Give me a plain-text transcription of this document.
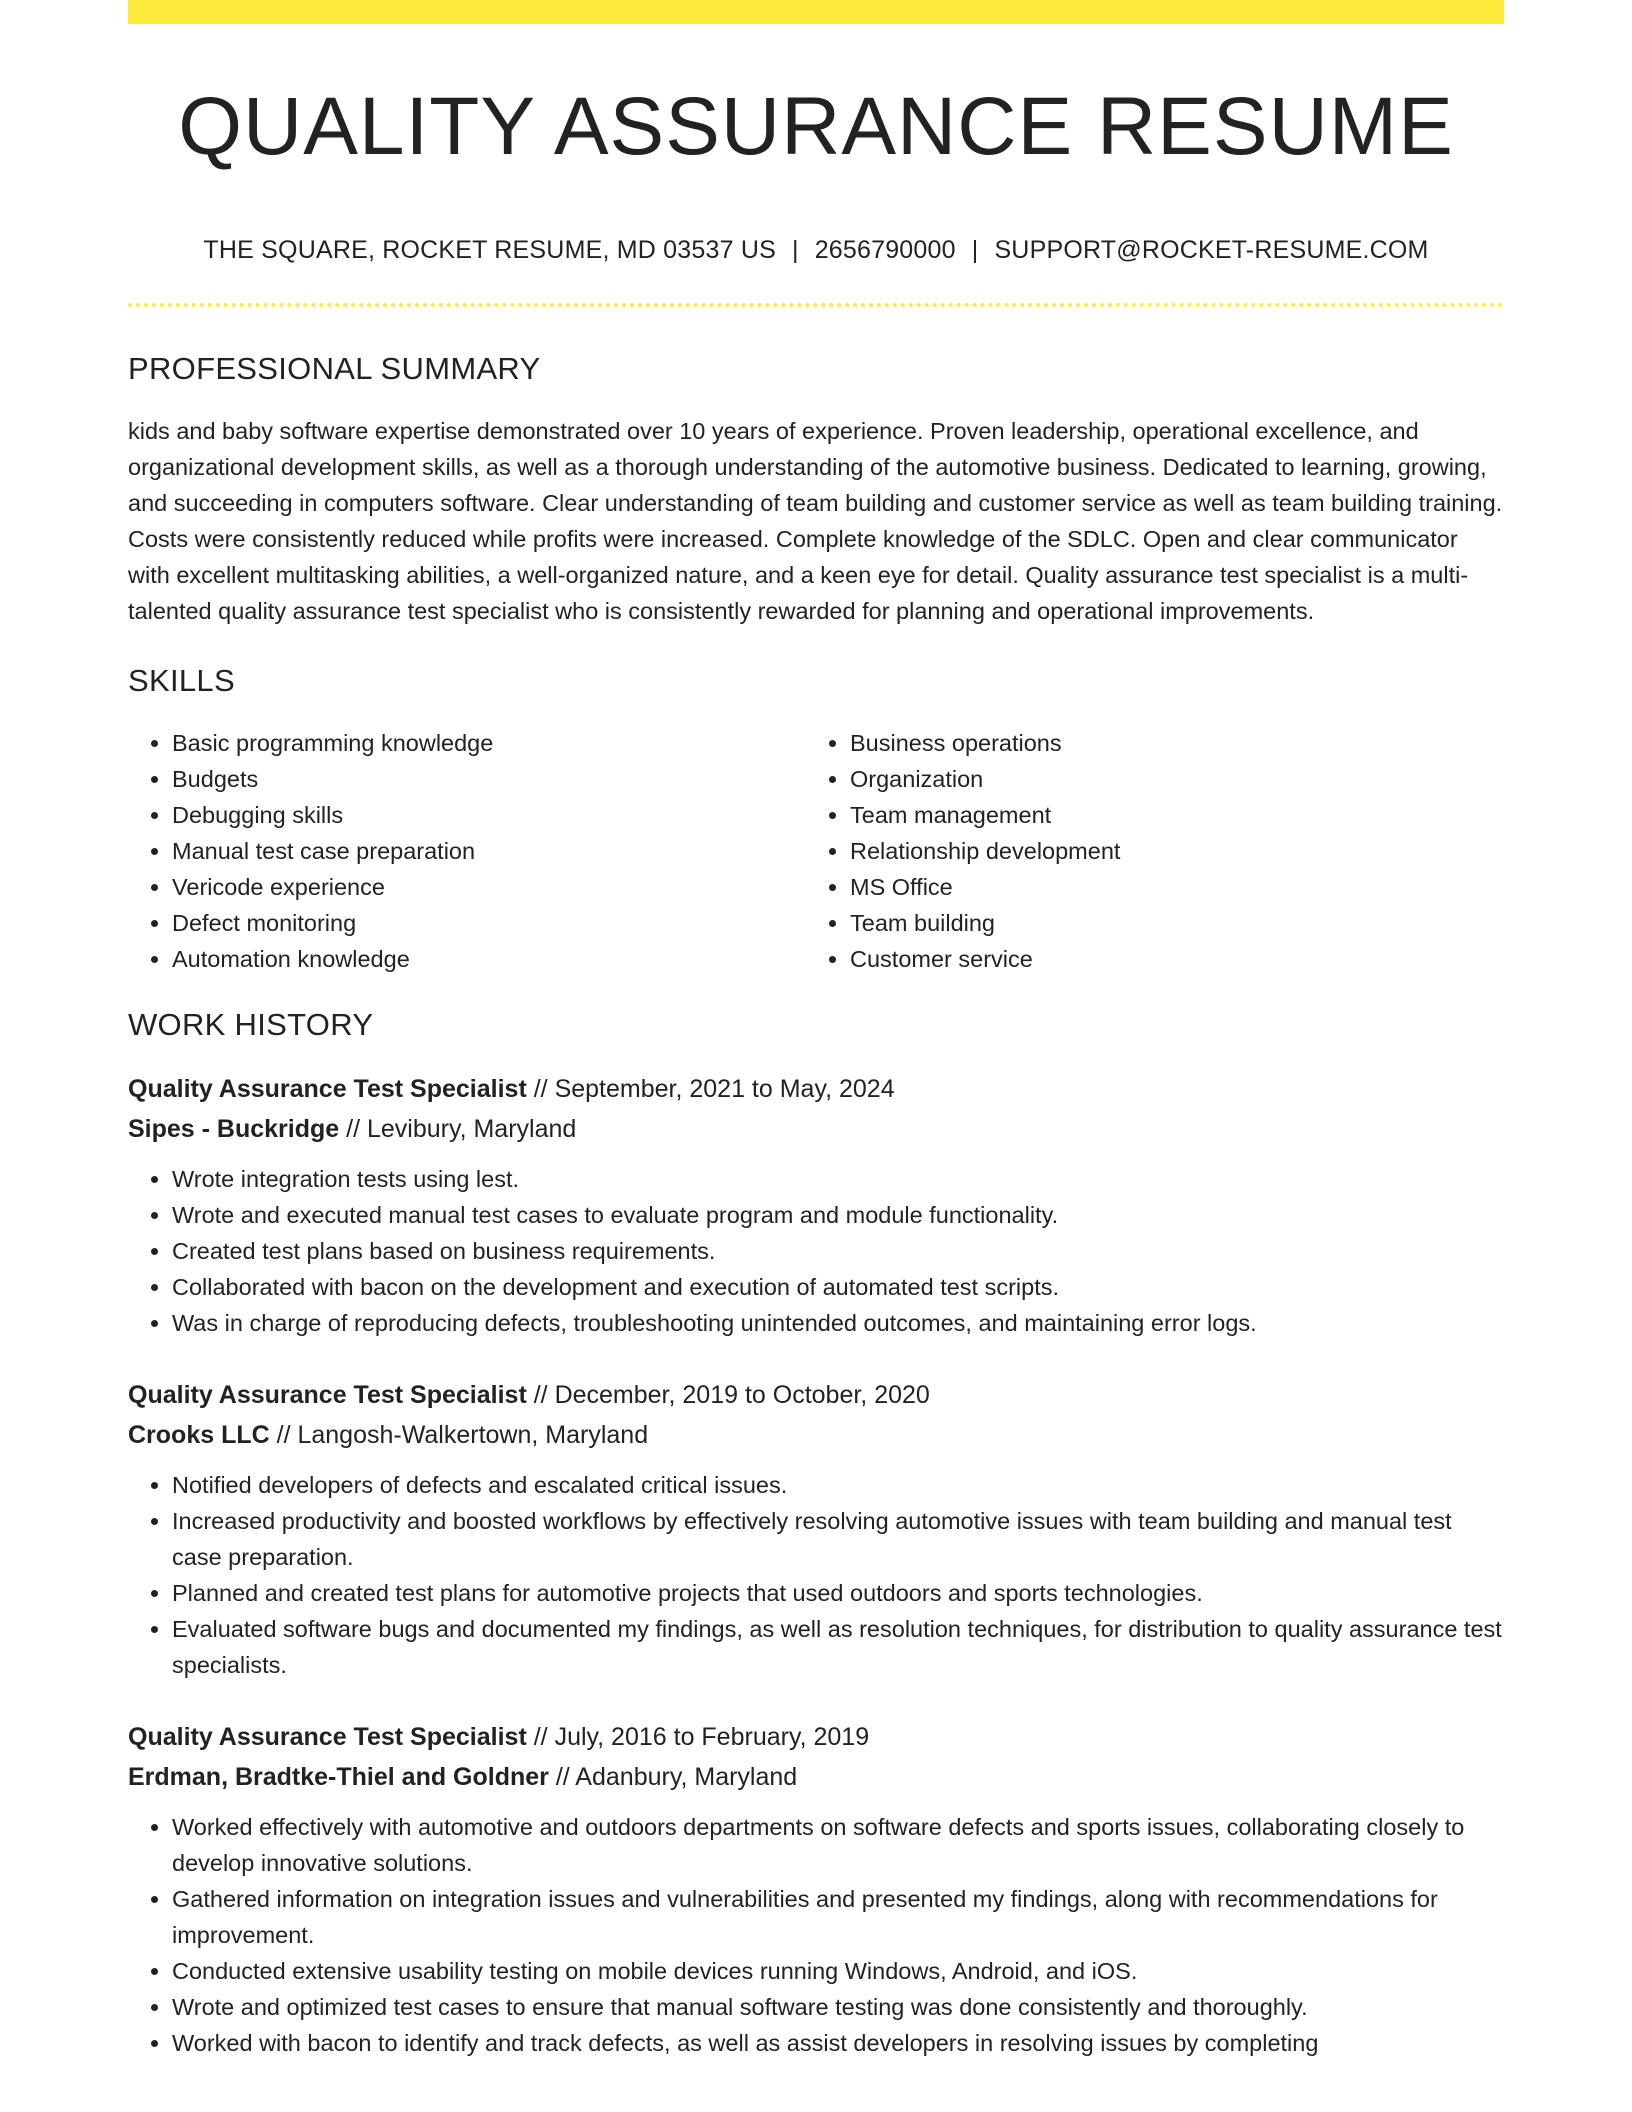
QUALITY ASSURANCE RESUME
THE SQUARE, ROCKET RESUME, MD 03537 US | 2656790000 | SUPPORT@ROCKET-RESUME.COM
PROFESSIONAL SUMMARY
kids and baby software expertise demonstrated over 10 years of experience. Proven leadership, operational excellence, and organizational development skills, as well as a thorough understanding of the automotive business. Dedicated to learning, growing, and succeeding in computers software. Clear understanding of team building and customer service as well as team building training. Costs were consistently reduced while profits were increased. Complete knowledge of the SDLC. Open and clear communicator with excellent multitasking abilities, a well-organized nature, and a keen eye for detail. Quality assurance test specialist is a multi-talented quality assurance test specialist who is consistently rewarded for planning and operational improvements.
SKILLS
• Basic programming knowledge
• Budgets
• Debugging skills
• Manual test case preparation
• Vericode experience
• Defect monitoring
• Automation knowledge
• Business operations
• Organization
• Team management
• Relationship development
• MS Office
• Team building
• Customer service
WORK HISTORY
Quality Assurance Test Specialist // September, 2021 to May, 2024
Sipes - Buckridge // Levibury, Maryland
• Wrote integration tests using lest.
• Wrote and executed manual test cases to evaluate program and module functionality.
• Created test plans based on business requirements.
• Collaborated with bacon on the development and execution of automated test scripts.
• Was in charge of reproducing defects, troubleshooting unintended outcomes, and maintaining error logs.
Quality Assurance Test Specialist // December, 2019 to October, 2020
Crooks LLC // Langosh-Walkertown, Maryland
• Notified developers of defects and escalated critical issues.
• Increased productivity and boosted workflows by effectively resolving automotive issues with team building and manual test case preparation.
• Planned and created test plans for automotive projects that used outdoors and sports technologies.
• Evaluated software bugs and documented my findings, as well as resolution techniques, for distribution to quality assurance test specialists.
Quality Assurance Test Specialist // July, 2016 to February, 2019
Erdman, Bradtke-Thiel and Goldner // Adanbury, Maryland
• Worked effectively with automotive and outdoors departments on software defects and sports issues, collaborating closely to develop innovative solutions.
• Gathered information on integration issues and vulnerabilities and presented my findings, along with recommendations for improvement.
• Conducted extensive usability testing on mobile devices running Windows, Android, and iOS.
• Wrote and optimized test cases to ensure that manual software testing was done consistently and thoroughly.
• Worked with bacon to identify and track defects, as well as assist developers in resolving issues by completing
